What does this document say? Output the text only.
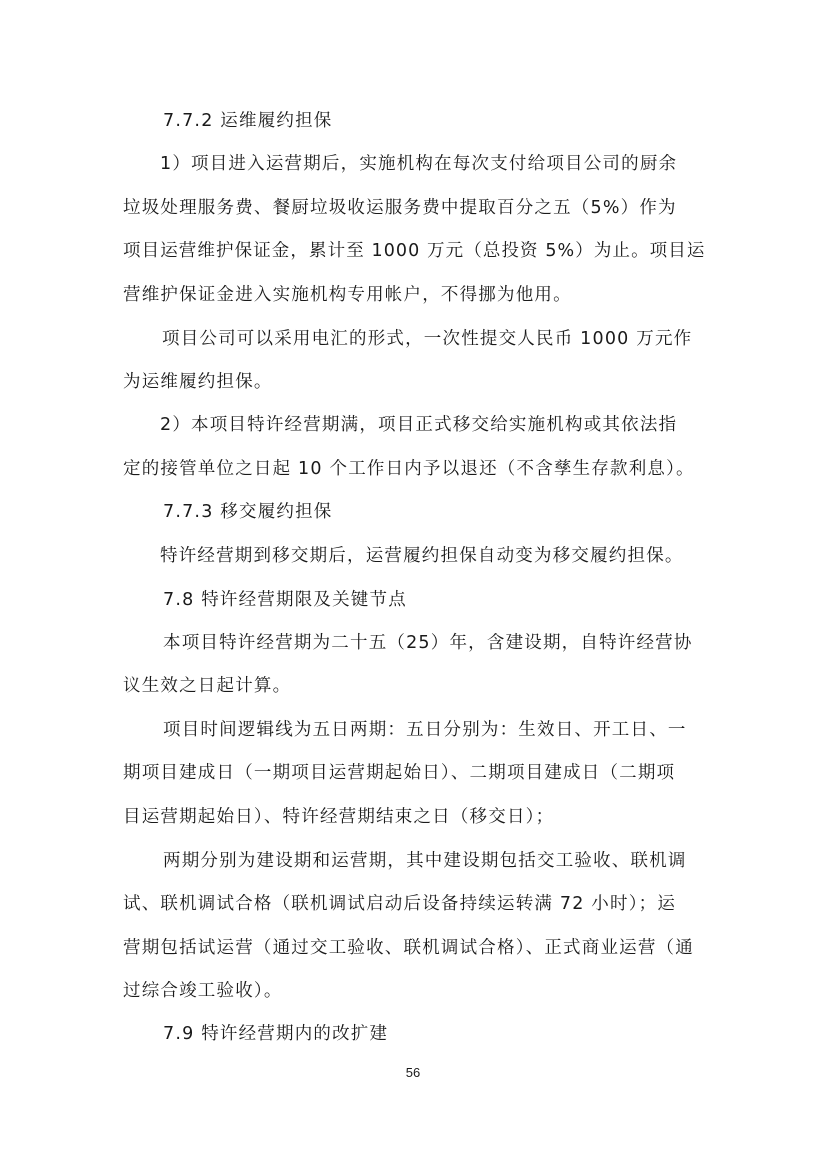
7.7.2 运维履约担保
1）项目进入运营期后，实施机构在每次支付给项目公司的厨余
垃圾处理服务费、餐厨垃圾收运服务费中提取百分之五（5%）作为
项目运营维护保证金，累计至 1000 万元（总投资 5%）为止。项目运
营维护保证金进入实施机构专用帐户，不得挪为他用。
项目公司可以采用电汇的形式，一次性提交人民币 1000 万元作
为运维履约担保。
2）本项目特许经营期满，项目正式移交给实施机构或其依法指
定的接管单位之日起 10 个工作日内予以退还（不含孳生存款利息）。
7.7.3 移交履约担保
特许经营期到移交期后，运营履约担保自动变为移交履约担保。
7.8 特许经营期限及关键节点
本项目特许经营期为二十五（25）年，含建设期，自特许经营协
议生效之日起计算。
项目时间逻辑线为五日两期：五日分别为：生效日、开工日、一
期项目建成日（一期项目运营期起始日）、二期项目建成日（二期项
目运营期起始日）、特许经营期结束之日（移交日）；
两期分别为建设期和运营期，其中建设期包括交工验收、联机调
试、联机调试合格（联机调试启动后设备持续运转满 72 小时）；运
营期包括试运营（通过交工验收、联机调试合格）、正式商业运营（通
过综合竣工验收）。
7.9 特许经营期内的改扩建
56
